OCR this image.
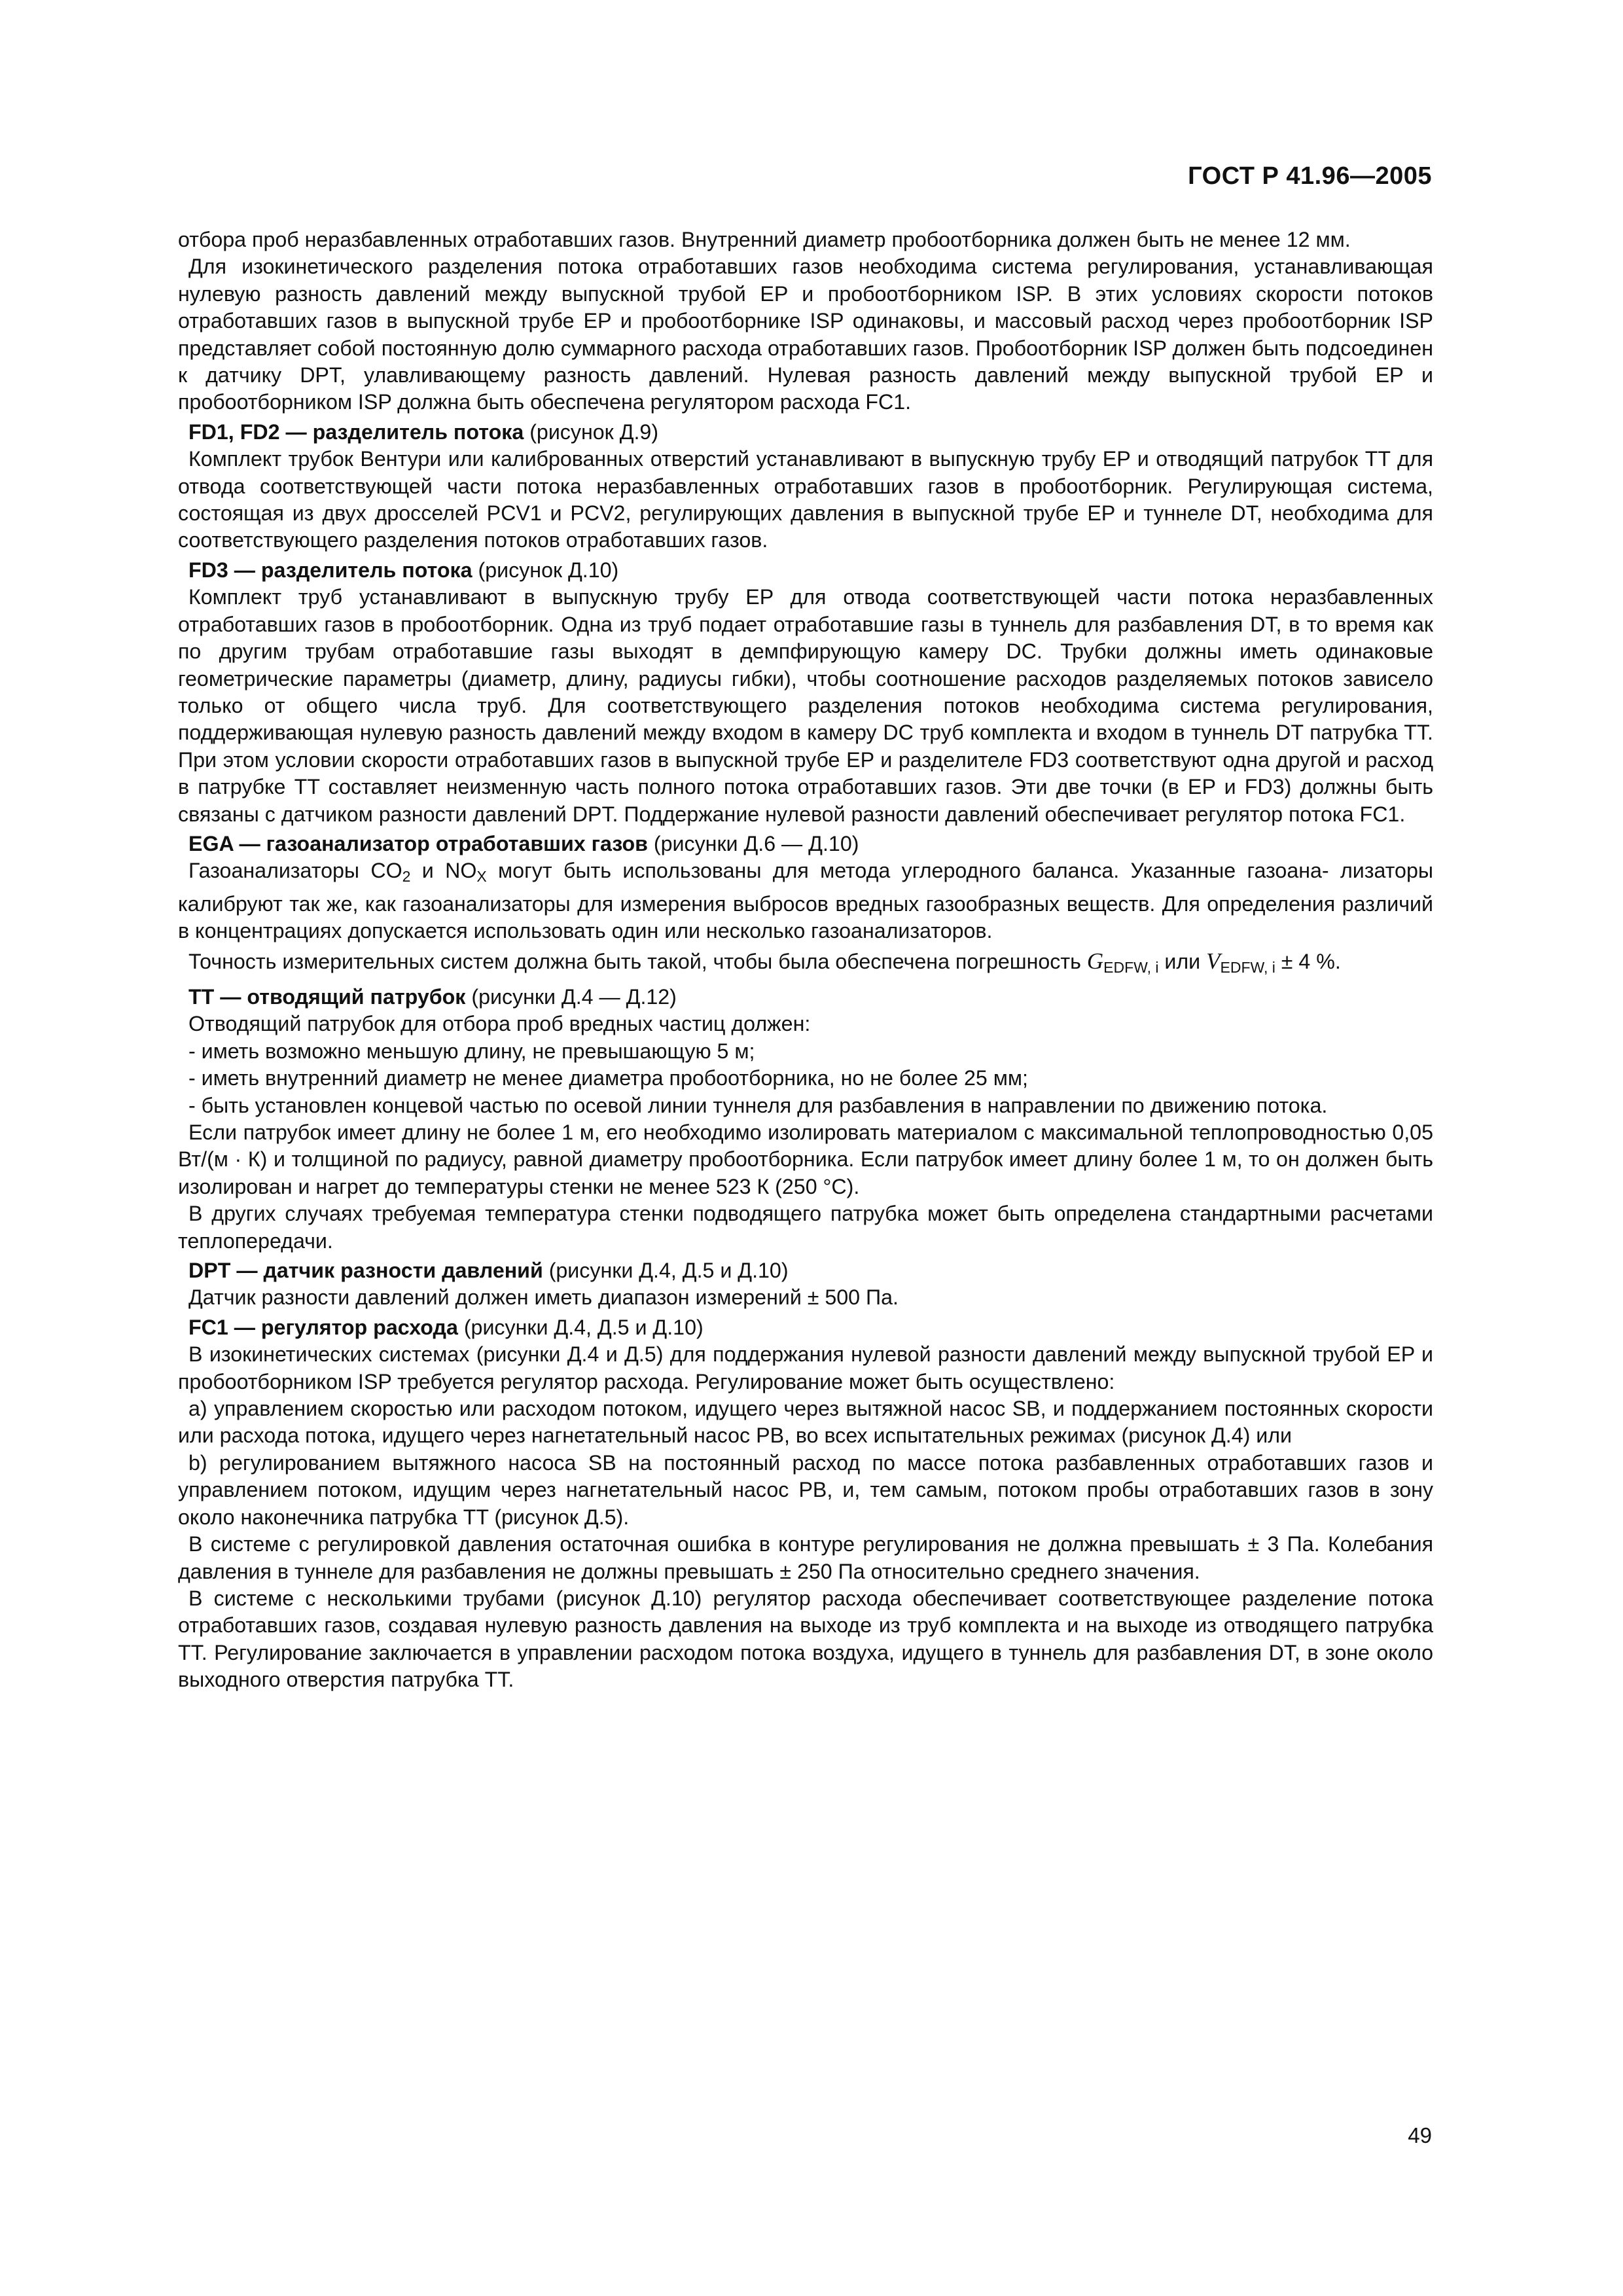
ГОСТ Р 41.96—2005

отбора проб неразбавленных отработавших газов. Внутренний диаметр пробоотборника должен быть не менее 12 мм.

Для изокинетического разделения потока отработавших газов необходима система регулирования, устанавливающая нулевую разность давлений между выпускной трубой EP и пробоотборником ISP. В этих условиях скорости потоков отработавших газов в выпускной трубе EP и пробоотборнике ISP одинаковы, и массовый расход через пробоотборник ISP представляет собой постоянную долю суммарного расхода отработавших газов. Пробоотборник ISP должен быть подсоединен к датчику DPT, улавливающему разность давлений. Нулевая разность давлений между выпускной трубой EP и пробоотборником ISP должна быть обеспечена регулятором расхода FC1.

FD1, FD2 — разделитель потока (рисунок Д.9)

Комплект трубок Вентури или калиброванных отверстий устанавливают в выпускную трубу EP и отводящий патрубок TT для отвода соответствующей части потока неразбавленных отработавших газов в пробоотборник. Регулирующая система, состоящая из двух дросселей PCV1 и PCV2, регулирующих давления в выпускной трубе EP и туннеле DT, необходима для соответствующего разделения потоков отработавших газов.

FD3 — разделитель потока (рисунок Д.10)

Комплект труб устанавливают в выпускную трубу EP для отвода соответствующей части потока неразбавленных отработавших газов в пробоотборник. Одна из труб подает отработавшие газы в туннель для разбавления DT, в то время как по другим трубам отработавшие газы выходят в демпфирующую камеру DC. Трубки должны иметь одинаковые геометрические параметры (диаметр, длину, радиусы гибки), чтобы соотношение расходов разделяемых потоков зависело только от общего числа труб. Для соответствующего разделения потоков необходима система регулирования, поддерживающая нулевую разность давлений между входом в камеру DC труб комплекта и входом в туннель DT патрубка TT. При этом условии скорости отработавших газов в выпускной трубе EP и разделителе FD3 соответствуют одна другой и расход в патрубке TT составляет неизменную часть полного потока отработавших газов. Эти две точки (в EP и FD3) должны быть связаны с датчиком разности давлений DPT. Поддержание нулевой разности давлений обеспечивает регулятор потока FC1.

EGA — газоанализатор отработавших газов (рисунки Д.6 — Д.10)

Газоанализаторы $CO_2$ и $NO_X$ могут быть использованы для метода углеродного баланса. Указанные газоана- лизаторы калибруют так же, как газоанализаторы для измерения выбросов вредных газообразных веществ. Для определения различий в концентрациях допускается использовать один или несколько газоанализаторов.

Точность измерительных систем должна быть такой, чтобы была обеспечена погрешность $G_{EDFW, i}$ или $V_{EDFW, i} \pm 4$ %.

TT — отводящий патрубок (рисунки Д.4 — Д.12)

Отводящий патрубок для отбора проб вредных частиц должен:

- иметь возможно меньшую длину, не превышающую 5 м;

- иметь внутренний диаметр не менее диаметра пробоотборника, но не более 25 мм;

- быть установлен концевой частью по осевой линии туннеля для разбавления в направлении по движению потока.

Если патрубок имеет длину не более 1 м, его необходимо изолировать материалом с максимальной теплопроводностью 0,05 Вт/(м · К) и толщиной по радиусу, равной диаметру пробоотборника. Если патрубок имеет длину более 1 м, то он должен быть изолирован и нагрет до температуры стенки не менее 523 К (250 °С).

В других случаях требуемая температура стенки подводящего патрубка может быть определена стандартными расчетами теплопередачи.

DPT — датчик разности давлений (рисунки Д.4, Д.5 и Д.10)

Датчик разности давлений должен иметь диапазон измерений ± 500 Па.

FC1 — регулятор расхода (рисунки Д.4, Д.5 и Д.10)

В изокинетических системах (рисунки Д.4 и Д.5) для поддержания нулевой разности давлений между выпускной трубой EP и пробоотборником ISP требуется регулятор расхода. Регулирование может быть осуществлено:

a) управлением скоростью или расходом потоком, идущего через вытяжной насос SB, и поддержанием постоянных скорости или расхода потока, идущего через нагнетательный насос PB, во всех испытательных режимах (рисунок Д.4) или

b) регулированием вытяжного насоса SB на постоянный расход по массе потока разбавленных отработавших газов и управлением потоком, идущим через нагнетательный насос PB, и, тем самым, потоком пробы отработавших газов в зону около наконечника патрубка TT (рисунок Д.5).

В системе с регулировкой давления остаточная ошибка в контуре регулирования не должна превышать ± 3 Па. Колебания давления в туннеле для разбавления не должны превышать ± 250 Па относительно среднего значения.

В системе с несколькими трубами (рисунок Д.10) регулятор расхода обеспечивает соответствующее разделение потока отработавших газов, создавая нулевую разность давления на выходе из труб комплекта и на выходе из отводящего патрубка TT. Регулирование заключается в управлении расходом потока воздуха, идущего в туннель для разбавления DT, в зоне около выходного отверстия патрубка TT.

49
